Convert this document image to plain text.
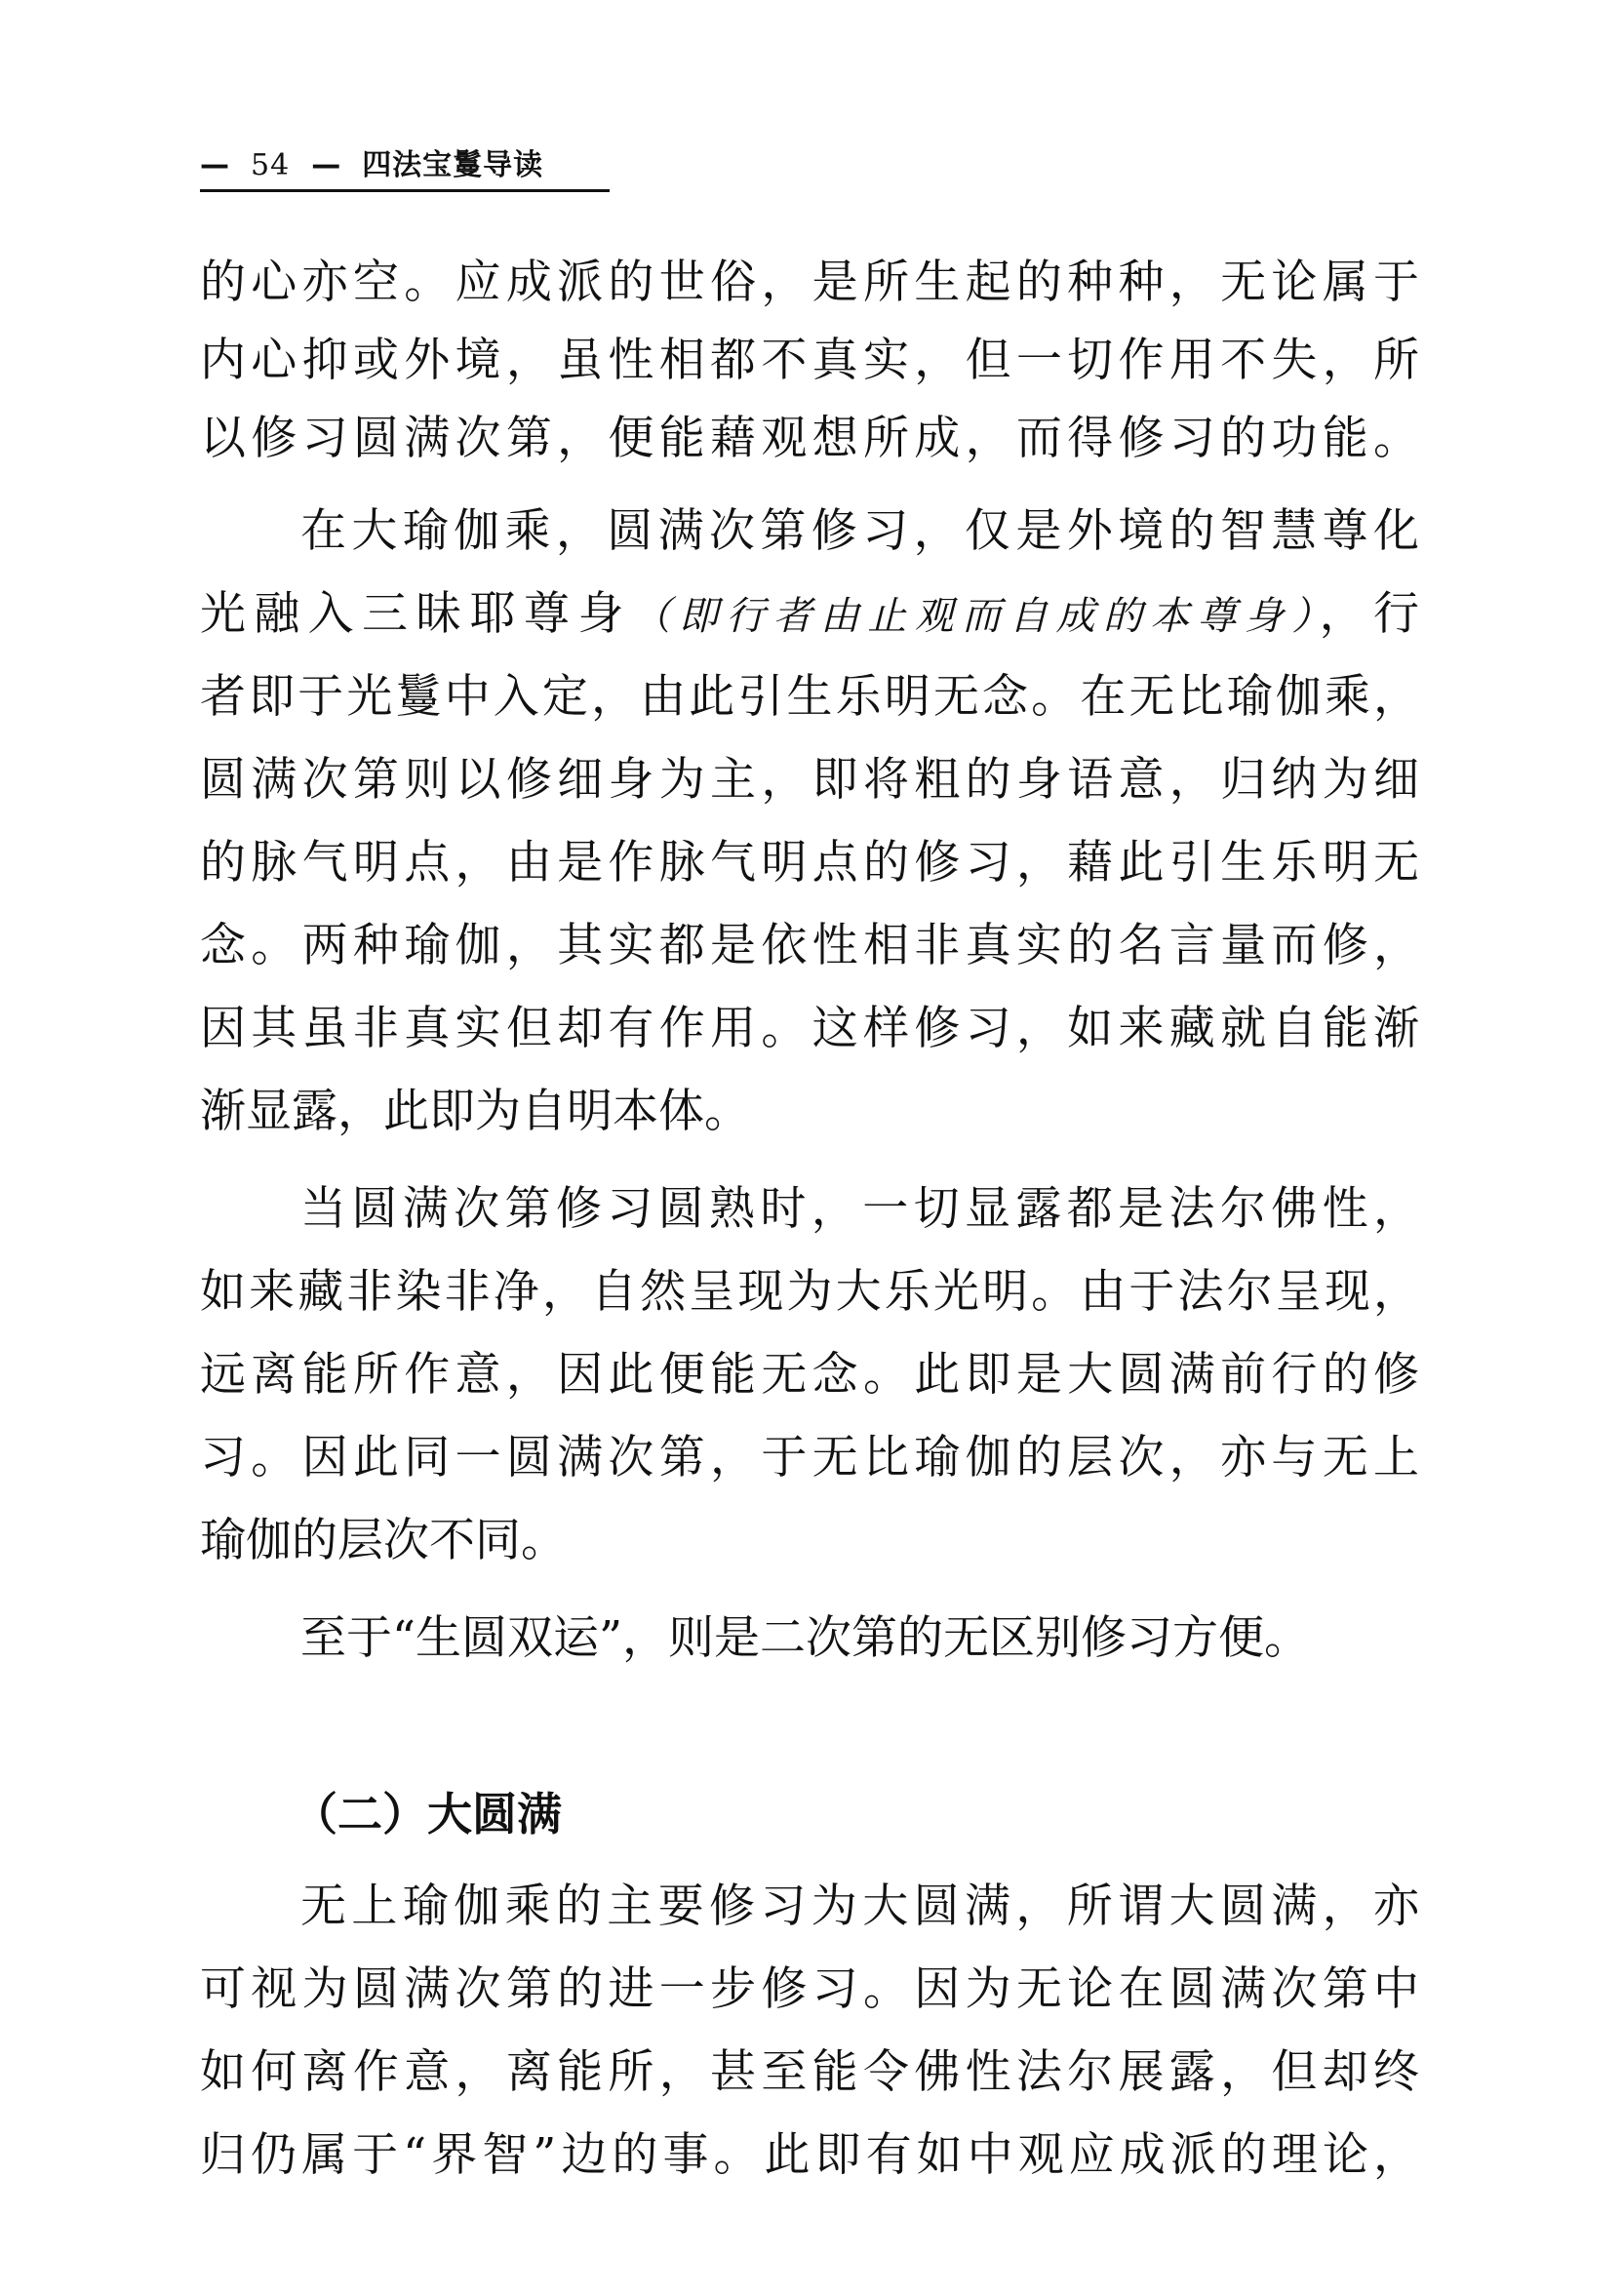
— 54 — 四法宝鬘导读
的心亦空。应成派的世俗，是所生起的种种，无论属于
内心抑或外境，虽性相都不真实，但一切作用不失，所
以修习圆满次第，便能藉观想所成，而得修习的功能。
在大瑜伽乘，圆满次第修习，仅是外境的智慧尊化
光融入三昧耶尊身（即行者由止观而自成的本尊身），行
者即于光鬘中入定，由此引生乐明无念。在无比瑜伽乘，
圆满次第则以修细身为主，即将粗的身语意，归纳为细
的脉气明点，由是作脉气明点的修习，藉此引生乐明无
念。两种瑜伽，其实都是依性相非真实的名言量而修，
因其虽非真实但却有作用。这样修习，如来藏就自能渐
渐显露，此即为自明本体。
当圆满次第修习圆熟时，一切显露都是法尔佛性，
如来藏非染非净，自然呈现为大乐光明。由于法尔呈现，
远离能所作意，因此便能无念。此即是大圆满前行的修
习。因此同一圆满次第，于无比瑜伽的层次，亦与无上
瑜伽的层次不同。
至于“生圆双运”，则是二次第的无区别修习方便。
（二）大圆满
无上瑜伽乘的主要修习为大圆满，所谓大圆满，亦
可视为圆满次第的进一步修习。因为无论在圆满次第中
如何离作意，离能所，甚至能令佛性法尔展露，但却终
归仍属于“界智”边的事。此即有如中观应成派的理论，
